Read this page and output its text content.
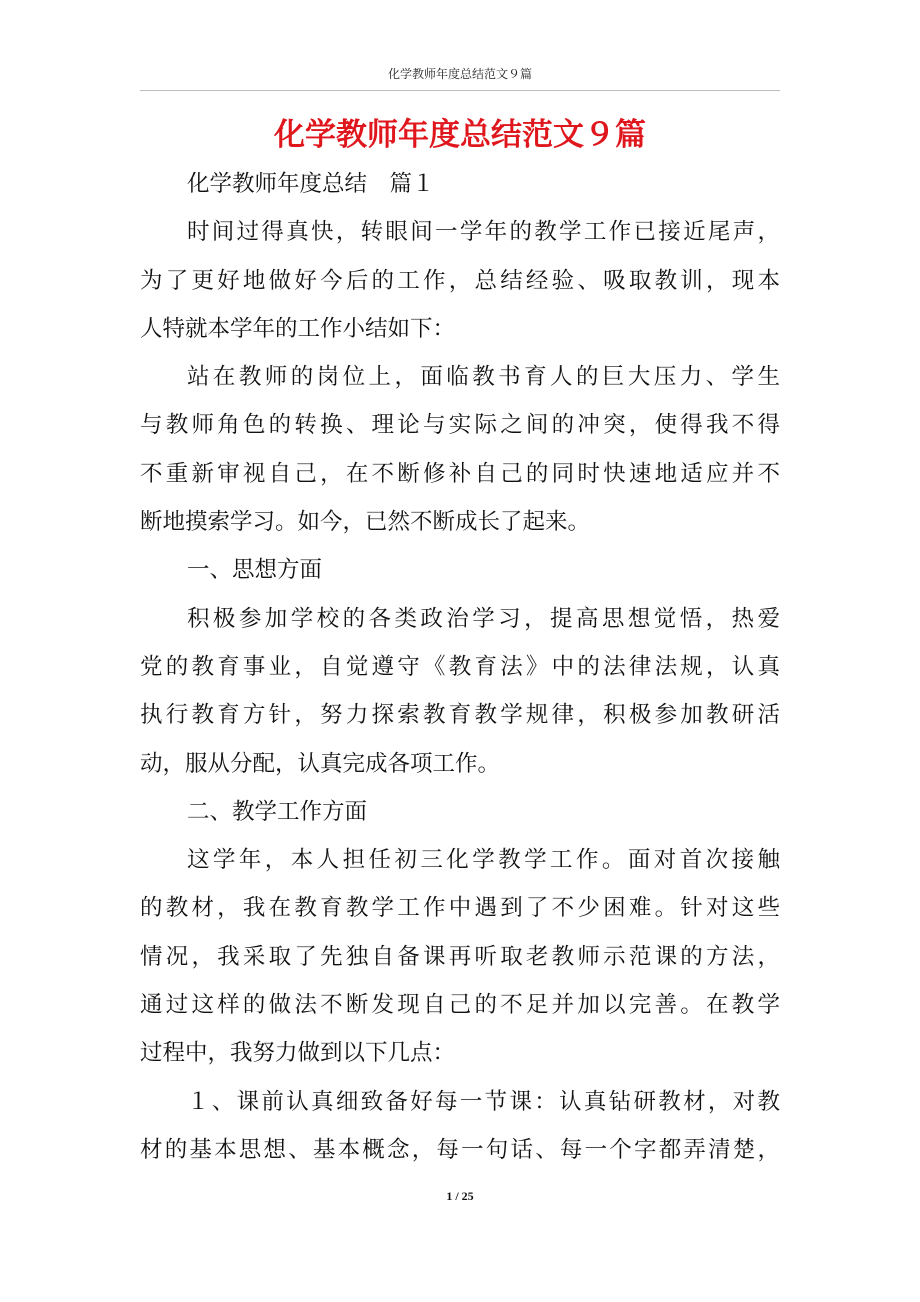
化学教师年度总结范文９篇
化学教师年度总结范文９篇
化学教师年度总结　篇１
时间过得真快，转眼间一学年的教学工作已接近尾声，
为了更好地做好今后的工作，总结经验、吸取教训，现本
人特就本学年的工作小结如下：
站在教师的岗位上，面临教书育人的巨大压力、学生
与教师角色的转换、理论与实际之间的冲突，使得我不得
不重新审视自己，在不断修补自己的同时快速地适应并不
断地摸索学习。如今，已然不断成长了起来。
一、思想方面
积极参加学校的各类政治学习，提高思想觉悟，热爱
党的教育事业，自觉遵守《教育法》中的法律法规，认真
执行教育方针，努力探索教育教学规律，积极参加教研活
动，服从分配，认真完成各项工作。
二、教学工作方面
这学年，本人担任初三化学教学工作。面对首次接触
的教材，我在教育教学工作中遇到了不少困难。针对这些
情况，我采取了先独自备课再听取老教师示范课的方法，
通过这样的做法不断发现自己的不足并加以完善。在教学
过程中，我努力做到以下几点：
１、课前认真细致备好每一节课：认真钻研教材，对教
材的基本思想、基本概念，每一句话、每一个字都弄清楚，
1 / 25
